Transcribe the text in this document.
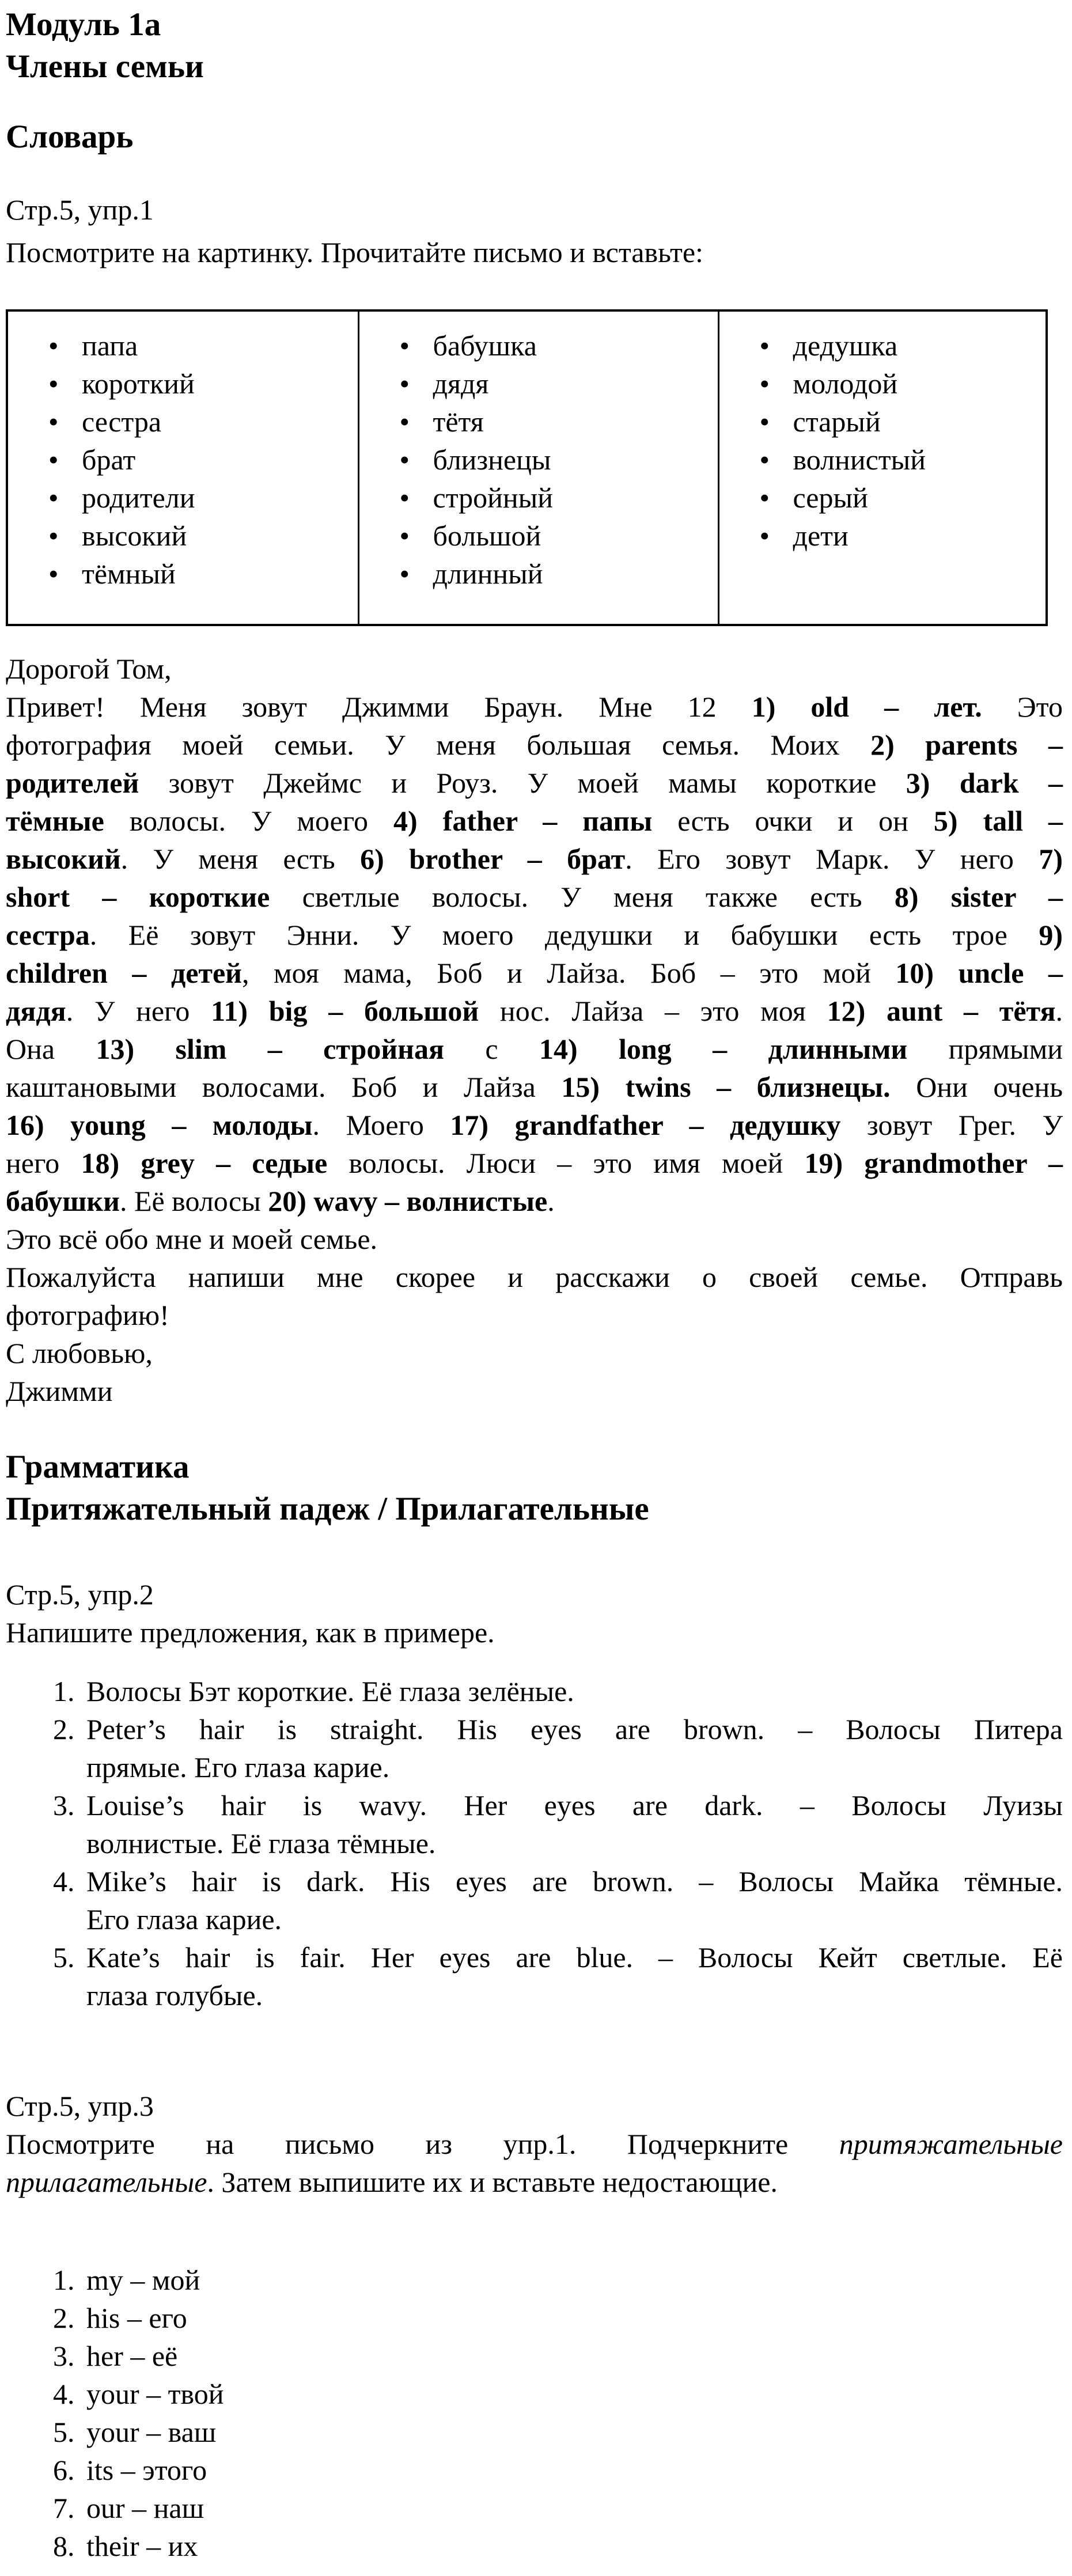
Модуль 1а
Члены семьи
Словарь
Стр.5, упр.1
Посмотрите на картинку. Прочитайте письмо и вставьте:
• папа
• короткий
• сестра
• брат
• родители
• высокий
• тёмный

• бабушка
• дядя
• тётя
• близнецы
• стройный
• большой
• длинный

• дедушка
• молодой
• старый
• волнистый
• серый
• дети
Дорогой Том,
Привет! Меня зовут Джимми Браун. Мне 12 1) old – лет. Это
фотография моей семьи. У меня большая семья. Моих 2) parents –
родителей зовут Джеймс и Роуз. У моей мамы короткие 3) dark –
тёмные волосы. У моего 4) father – папы есть очки и он 5) tall –
высокий. У меня есть 6) brother – брат. Его зовут Марк. У него 7)
short – короткие светлые волосы. У меня также есть 8) sister –
сестра. Её зовут Энни. У моего дедушки и бабушки есть трое 9)
children – детей, моя мама, Боб и Лайза. Боб – это мой 10) uncle –
дядя. У него 11) big – большой нос. Лайза – это моя 12) aunt – тётя.
Она 13) slim – стройная с 14) long – длинными прямыми
каштановыми волосами. Боб и Лайза 15) twins – близнецы. Они очень
16) young – молоды. Моего 17) grandfather – дедушку зовут Грег. У
него 18) grey – седые волосы. Люси – это имя моей 19) grandmother –
бабушки. Её волосы 20) wavy – волнистые.
Это всё обо мне и моей семье.
Пожалуйста напиши мне скорее и расскажи о своей семье. Отправь
фотографию!
С любовью,
Джимми
Грамматика
Притяжательный падеж / Прилагательные
Стр.5, упр.2
Напишите предложения, как в примере.
1. Волосы Бэт короткие. Её глаза зелёные.
2. Peter’s hair is straight. His eyes are brown. – Волосы Питера
прямые. Его глаза карие.
3. Louise’s hair is wavy. Her eyes are dark. – Волосы Луизы
волнистые. Её глаза тёмные.
4. Mike’s hair is dark. His eyes are brown. – Волосы Майка тёмные.
Его глаза карие.
5. Kate’s hair is fair. Her eyes are blue. – Волосы Кейт светлые. Её
глаза голубые.
Стр.5, упр.3
Посмотрите на письмо из упр.1. Подчеркните притяжательные
прилагательные. Затем выпишите их и вставьте недостающие.
1. my – мой
2. his – его
3. her – её
4. your – твой
5. your – ваш
6. its – этого
7. our – наш
8. their – их
